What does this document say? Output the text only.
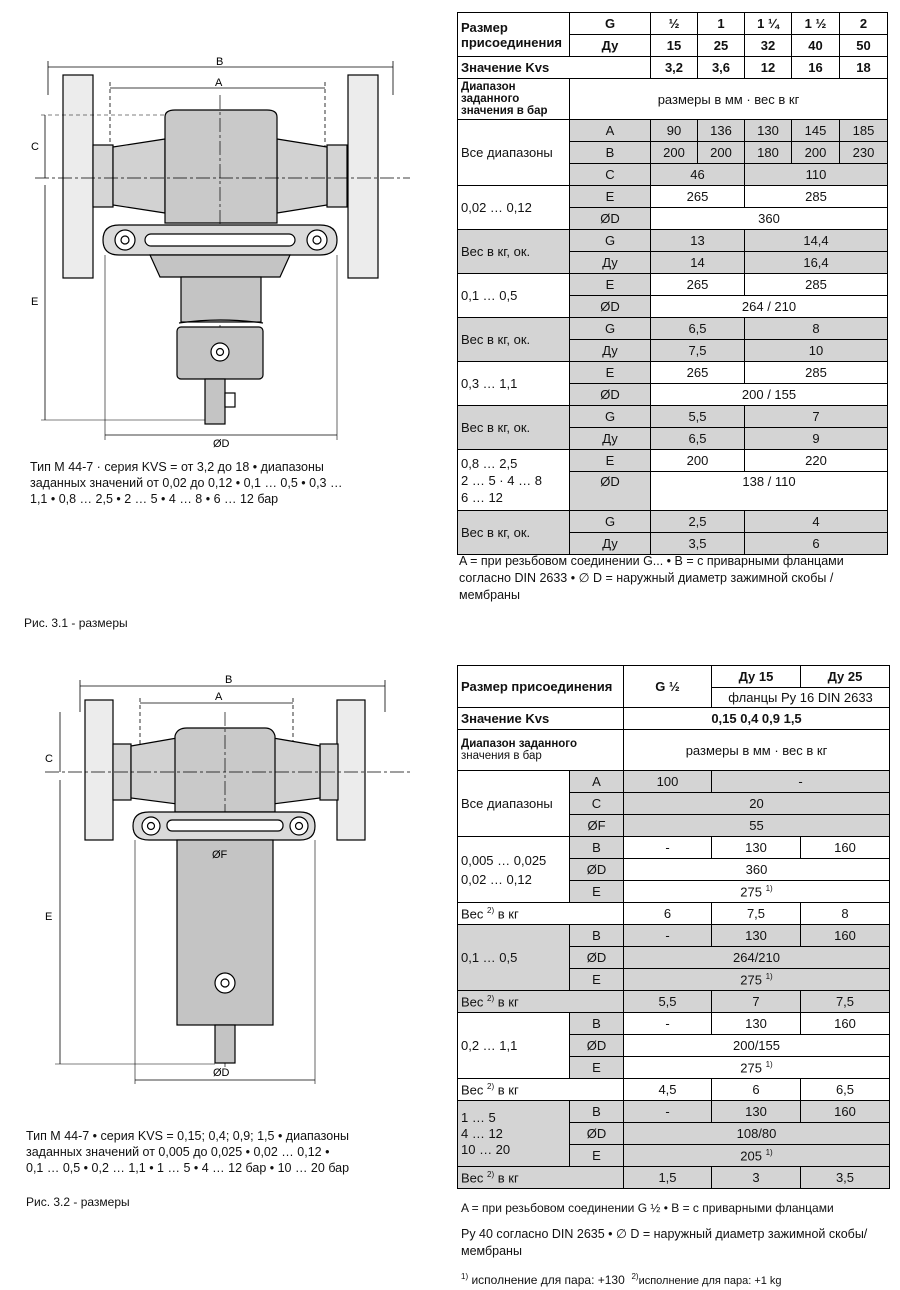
B
A
C
E
ØD
Тип М 44-7 · серия KVS = от 3,2 до 18 • диапазоны
заданных значений от 0,02 до 0,12 • 0,1 … 0,5 • 0,3 …
1,1 • 0,8 … 2,5 • 2 … 5 • 4 … 8 • 6 … 12 бар
Рис. 3.1 - размеры
Размер присоединения	G	½	1	1 ¼	1 ½	2
	Ду	15	25	32	40	50
Значение Kvs		3,2	3,6	12	16	18
Диапазон заданного значения в бар	размеры в мм · вес в кг					
Все диапазоны	A	90	136	130	145	185
	B	200	200	180	200	230
	C	46		110		
0,02 … 0,12	E	265		285		
	ØD	360				
Вес в кг, ок.	G	13		14,4		
	Ду	14		16,4		
0,1 … 0,5	E	265		285		
	ØD	264 / 210				
Вес в кг, ок.	G	6,5		8		
	Ду	7,5		10		
0,3 … 1,1	E	265		285		
	ØD	200 / 155				
Вес в кг, ок.	G	5,5		7		
	Ду	6,5		9		
0,8 … 2,5
2 … 5 · 4 … 8
6 … 12	E	200		220		
	ØD	138 / 110				
Вес в кг, ок.	G	2,5		4		
	Ду	3,5		6		
A = при резьбовом соединении G... • B = с приварными фланцами согласно DIN 2633 • ∅ D = наружный диаметр зажимной скобы / мембраны
B
A
C
ØF
E
ØD
Тип М 44-7 • серия KVS = 0,15; 0,4; 0,9; 1,5 • диапазоны
заданных значений от 0,005 до 0,025 • 0,02 … 0,12 •
0,1 … 0,5 • 0,2 … 1,1 • 1 … 5 • 4 … 12 бар • 10 … 20 бар
Рис. 3.2 - размеры
Размер присоединения		G ½	Ду 15	Ду 25
			фланцы Ру 16 DIN 2633	
Значение Kvs		0,15 0,4 0,9 1,5		
Диапазон заданного
значения в бар		размеры в мм · вес в кг		
Все диапазоны	A	100	-	
	C	20		
	ØF	55		
0,005 … 0,025
0,02 … 0,12	B	-	130	160
	ØD	360		
	E	275 $^{1)}$
Вес $^{2)}$ в кг		6	7,5	8
0,1 … 0,5	B	-	130	160
	ØD	264/210		
	E	275 $^{1)}$
Вес $^{2)}$ в кг		5,5	7	7,5
0,2 … 1,1	B	-	130	160
	ØD	200/155		
	E	275 $^{1)}$
Вес $^{2)}$ в кг		4,5	6	6,5
1 … 5
4 … 12
10 … 20	B	-	130	160
	ØD	108/80		
	E	205 $^{1)}$
Вес $^{2)}$ в кг		1,5	3	3,5
A = при резьбовом соединении G ½ • B = с приварными фланцами
Ру 40 согласно DIN 2635 • ∅ D = наружный диаметр зажимной скобы/мембраны
$^{1)}$ исполнение для пара: +130 $^{2)}$исполнение для пара: +1 kg
